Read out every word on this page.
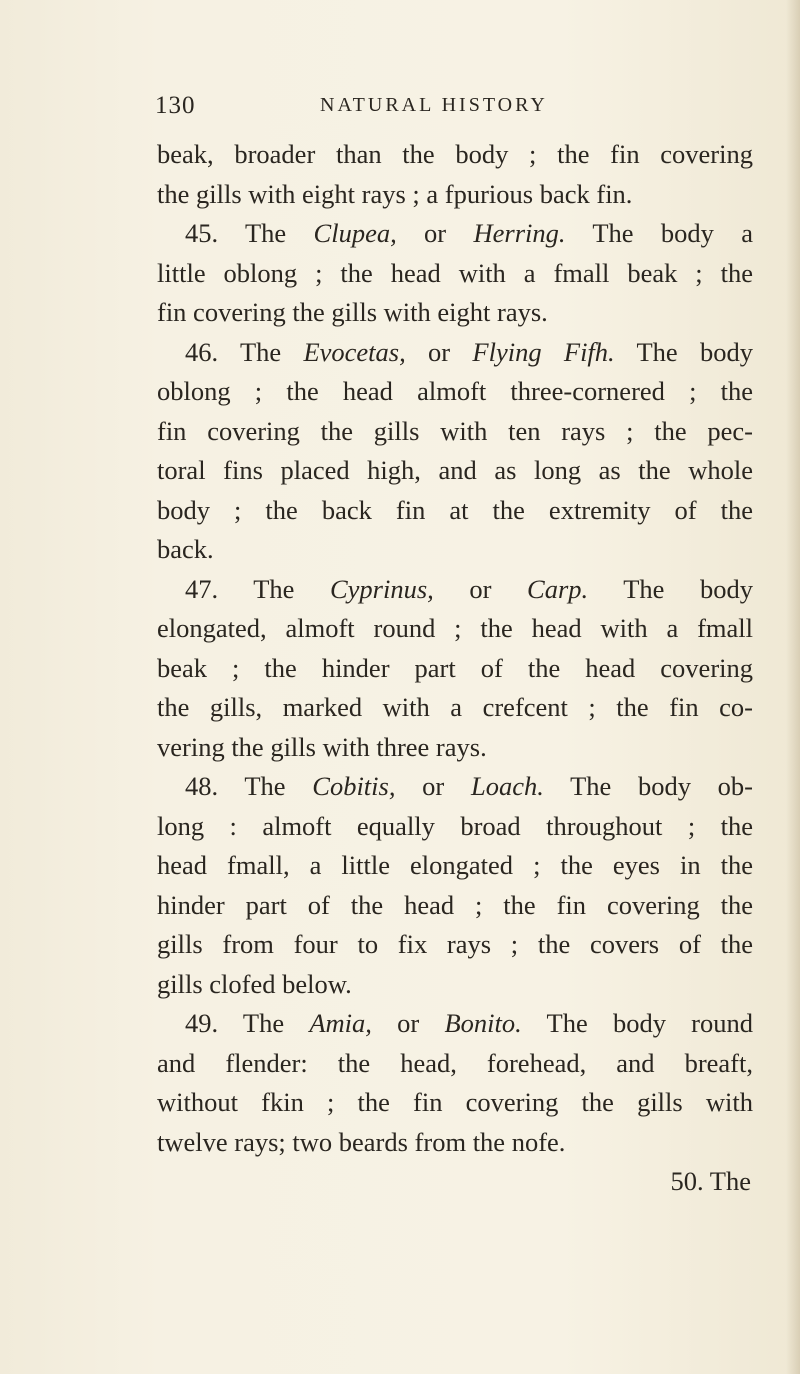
130	NATURAL HISTORY
beak, broader than the body ; the fin covering
the gills with eight rays ; a fpurious back fin.
45. The Clupea, or Herring. The body a
little oblong ; the head with a fmall beak ; the
fin covering the gills with eight rays.
46. The Evocetas, or Flying Fifh. The body
oblong ; the head almoft three-cornered ; the
fin covering the gills with ten rays ; the pec-
toral fins placed high, and as long as the whole
body ; the back fin at the extremity of the
back.
47. The Cyprinus, or Carp. The body
elongated, almoft round ; the head with a fmall
beak ; the hinder part of the head covering
the gills, marked with a crefcent ; the fin co-
vering the gills with three rays.
48. The Cobitis, or Loach. The body ob-
long : almoft equally broad throughout ; the
head fmall, a little elongated ; the eyes in the
hinder part of the head ; the fin covering the
gills from four to fix rays ; the covers of the
gills clofed below.
49. The Amia, or Bonito. The body round
and flender: the head, forehead, and breaft,
without fkin ; the fin covering the gills with
twelve rays; two beards from the nofe.
50. The
